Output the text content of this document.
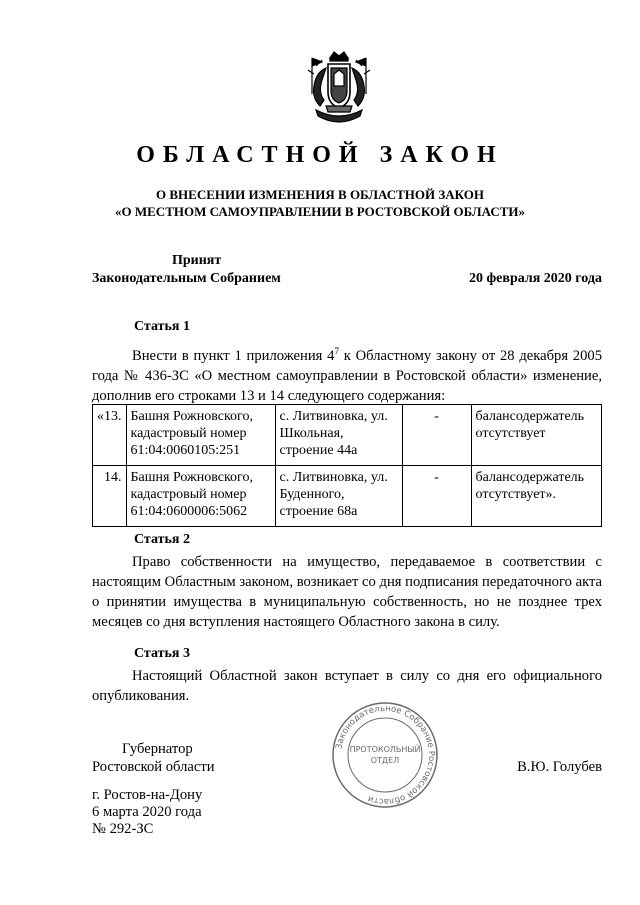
ОБЛАСТНОЙ ЗАКОН
О ВНЕСЕНИИ ИЗМЕНЕНИЯ В ОБЛАСТНОЙ ЗАКОН
«О МЕСТНОМ САМОУПРАВЛЕНИИ В РОСТОВСКОЙ ОБЛАСТИ»
Принят
Законодательным Собранием	20 февраля 2020 года
Статья 1
Внести в пункт 1 приложения $4^7$ к Областному закону от 28 декабря 2005 года № 436-ЗС «О местном самоуправлении в Ростовской области» изменение, дополнив его строками 13 и 14 следующего содержания:
«13.	Башня Рожновского, кадастровый номер 61:04:0060105:251	с. Литвиновка, ул. Школьная, строение 44а	-	балансодержатель отсутствует
14.	Башня Рожновского, кадастровый номер 61:04:0600006:5062	с. Литвиновка, ул. Буденного, строение 68а	-	балансодержатель отсутствует».
Статья 2
Право собственности на имущество, передаваемое в соответствии с настоящим Областным законом, возникает со дня подписания передаточного акта о принятии имущества в муниципальную собственность, но не позднее трех месяцев со дня вступления настоящего Областного закона в силу.
Статья 3
Настоящий Областной закон вступает в силу со дня его официального опубликования.
Законодательное Собрание Ростовской области
ПРОТОКОЛЬНЫЙ
ОТДЕЛ
Губернатор
Ростовской области	В.Ю. Голубев
г. Ростов-на-Дону
6 марта 2020 года
№ 292-ЗС
